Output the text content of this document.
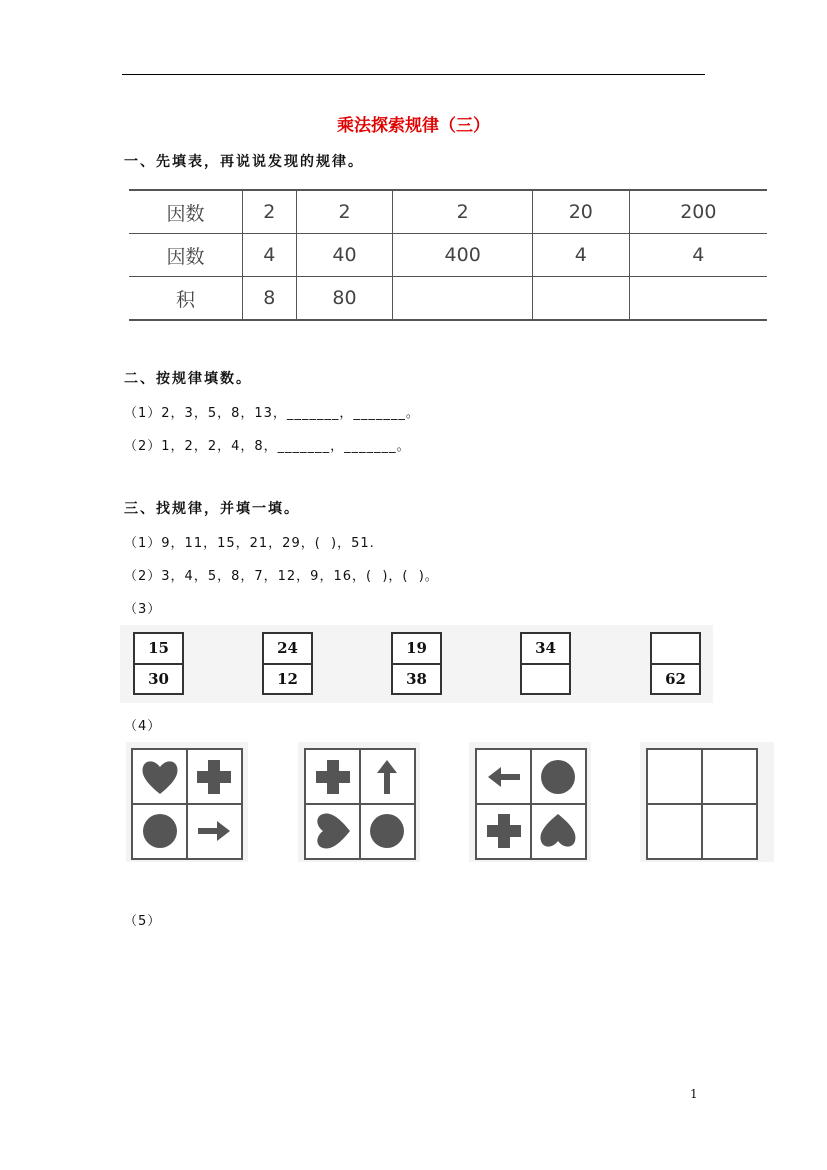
乘法探索规律（三）
一、先填表，再说说发现的规律。
因数	2	2	2	20	200
因数	4	40	400	4	4
积	8	80			
二、按规律填数。
（1）2，3，5，8，13，_______，_______。
（2）1，2，2，4，8，_______，_______。
三、找规律，并填一填。
（1）9，11，15，21，29，(  )，51.
（2）3，4，5，8，7，12，9，16，(  )，(  )。
（3）
15
30
24
12
19
38
34
62
（4）
（5）
1
